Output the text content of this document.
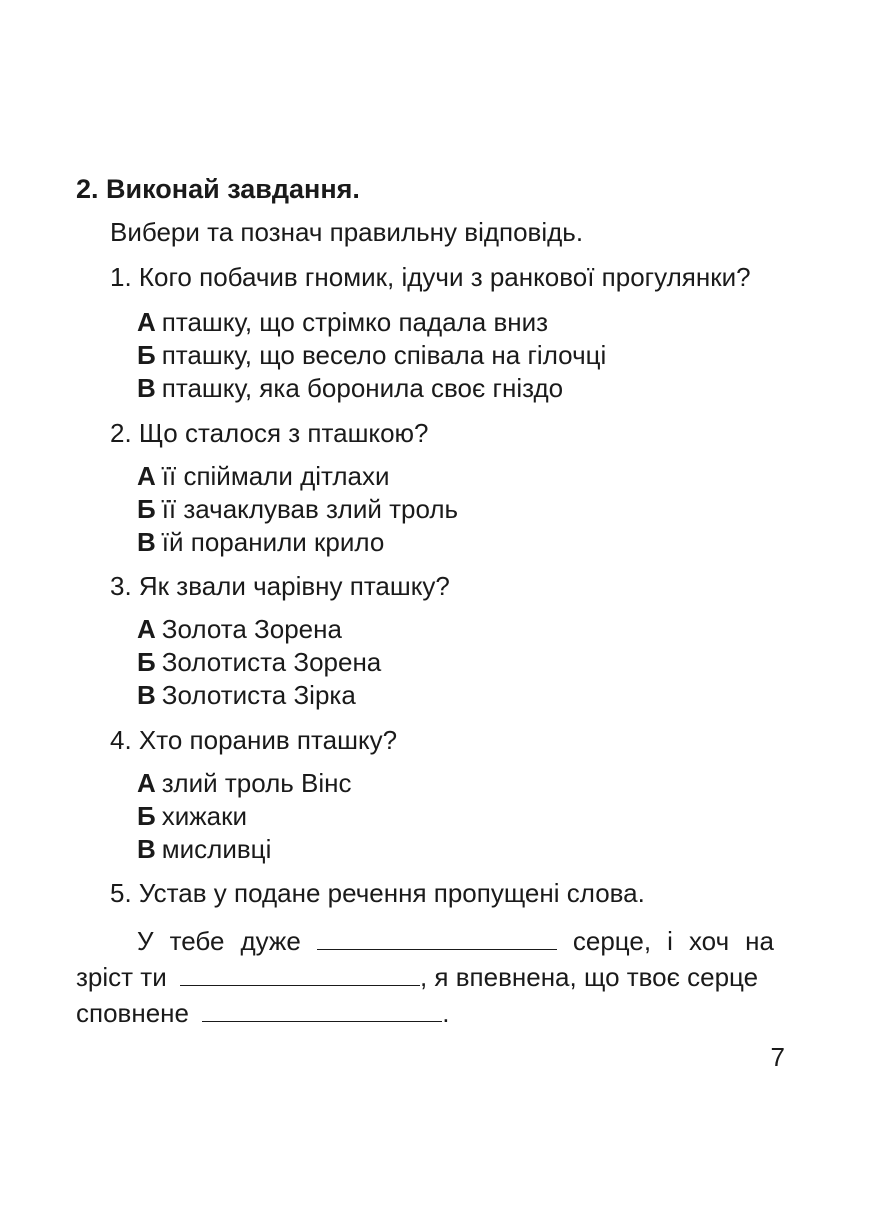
2. Виконай завдання.
Вибери та познач правильну відповідь.
1. Кого побачив гномик, ідучи з ранкової прогулянки?
А пташку, що стрімко падала вниз
Б пташку, що весело співала на гілочці
В пташку, яка боронила своє гніздо
2. Що сталося з пташкою?
А її спіймали дітлахи
Б її зачаклував злий троль
В їй поранили крило
3. Як звали чарівну пташку?
А Золота Зорена
Б Золотиста Зорена
В Золотиста Зірка
4. Хто поранив пташку?
А злий троль Вінс
Б хижаки
В мисливці
5. Устав у подане речення пропущені слова.
У тебе дуже	серце, і хоч на
зріст ти	, я впевнена, що твоє серце
сповнене	.
7
